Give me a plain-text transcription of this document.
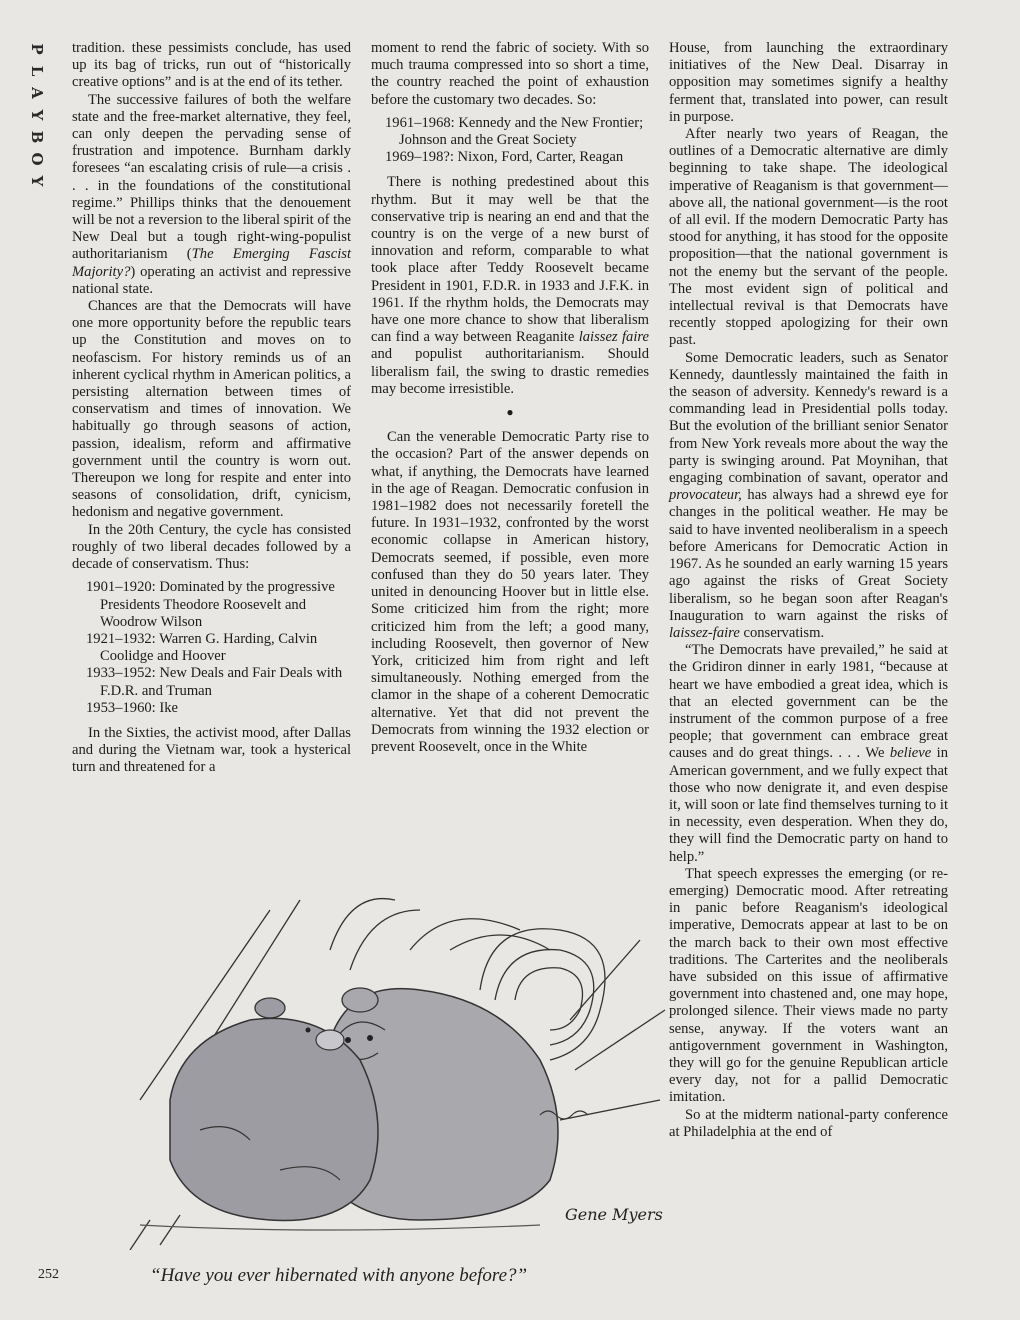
P
L
A
Y
B
O
Y

tradition. these pessimists conclude, has used up its bag of tricks, run out of “historically creative options” and is at the end of its tether.

The successive failures of both the welfare state and the free-market alternative, they feel, can only deepen the pervading sense of frustration and impotence. Burnham darkly foresees “an escalating crisis of rule—a crisis . . . in the foundations of the constitutional regime.” Phillips thinks that the denouement will be not a reversion to the liberal spirit of the New Deal but a tough right-wing-populist authoritarianism (The Emerging Fascist Majority?) operating an activist and repressive national state.

Chances are that the Democrats will have one more opportunity before the republic tears up the Constitution and moves on to neofascism. For history reminds us of an inherent cyclical rhythm in American politics, a persisting alternation between times of conservatism and times of innovation. We habitually go through seasons of action, passion, idealism, reform and affirmative government until the country is worn out. Thereupon we long for respite and enter into seasons of consolidation, drift, cynicism, hedonism and negative government.

In the 20th Century, the cycle has consisted roughly of two liberal decades followed by a decade of conservatism. Thus:

1901–1920: Dominated by the progressive Presidents Theodore Roosevelt and Woodrow Wilson
1921–1932: Warren G. Harding, Calvin Coolidge and Hoover
1933–1952: New Deals and Fair Deals with F.D.R. and Truman
1953–1960: Ike

In the Sixties, the activist mood, after Dallas and during the Vietnam war, took a hysterical turn and threatened for a

moment to rend the fabric of society. With so much trauma compressed into so short a time, the country reached the point of exhaustion before the customary two decades. So:

1961–1968: Kennedy and the New Frontier; Johnson and the Great Society
1969–198?: Nixon, Ford, Carter, Reagan

There is nothing predestined about this rhythm. But it may well be that the conservative trip is nearing an end and that the country is on the verge of a new burst of innovation and reform, comparable to what took place after Teddy Roosevelt became President in 1901, F.D.R. in 1933 and J.F.K. in 1961. If the rhythm holds, the Democrats may have one more chance to show that liberalism can find a way between Reaganite laissez faire and populist authoritarianism. Should liberalism fail, the swing to drastic remedies may become irresistible.

●

Can the venerable Democratic Party rise to the occasion? Part of the answer depends on what, if anything, the Democrats have learned in the age of Reagan. Democratic confusion in 1981–1982 does not necessarily foretell the future. In 1931–1932, confronted by the worst economic collapse in American history, Democrats seemed, if possible, even more confused than they do 50 years later. They united in denouncing Hoover but in little else. Some criticized him from the right; more criticized him from the left; a good many, including Roosevelt, then governor of New York, criticized him from right and left simultaneously. Nothing emerged from the clamor in the shape of a coherent Democratic alternative. Yet that did not prevent the Democrats from winning the 1932 election or prevent Roosevelt, once in the White

House, from launching the extraordinary initiatives of the New Deal. Disarray in opposition may sometimes signify a healthy ferment that, translated into power, can result in purpose.

After nearly two years of Reagan, the outlines of a Democratic alternative are dimly beginning to take shape. The ideological imperative of Reaganism is that government—above all, the national government—is the root of all evil. If the modern Democratic Party has stood for anything, it has stood for the opposite proposition—that the national government is not the enemy but the servant of the people. The most evident sign of political and intellectual revival is that Democrats have recently stopped apologizing for their own past.

Some Democratic leaders, such as Senator Kennedy, dauntlessly maintained the faith in the season of adversity. Kennedy's reward is a commanding lead in Presidential polls today. But the evolution of the brilliant senior Senator from New York reveals more about the way the party is swinging around. Pat Moynihan, that engaging combination of savant, operator and provocateur, has always had a shrewd eye for changes in the political weather. He may be said to have invented neoliberalism in a speech before Americans for Democratic Action in 1967. As he sounded an early warning 15 years ago against the risks of Great Society liberalism, so he began soon after Reagan's Inauguration to warn against the risks of laissez-faire conservatism.

“The Democrats have prevailed,” he said at the Gridiron dinner in early 1981, “because at heart we have embodied a great idea, which is that an elected government can be the instrument of the common purpose of a free people; that government can embrace great causes and do great things. . . . We believe in American government, and we fully expect that those who now denigrate it, and even despise it, will soon or late find themselves turning to it in necessity, even desperation. When they do, they will find the Democratic party on hand to help.”

That speech expresses the emerging (or re-emerging) Democratic mood. After retreating in panic before Reaganism's ideological imperative, Democrats appear at last to be on the march back to their own most effective traditions. The Carterites and the neoliberals have subsided on this issue of affirmative government into chastened and, one may hope, prolonged silence. Their views made no party sense, anyway. If the voters want an antigovernment government in Washington, they will go for the genuine Republican article every day, not for a pallid Democratic imitation.

So at the midterm national-party conference at Philadelphia at the end of

Gene Myers
252	“Have you ever hibernated with anyone before?”
